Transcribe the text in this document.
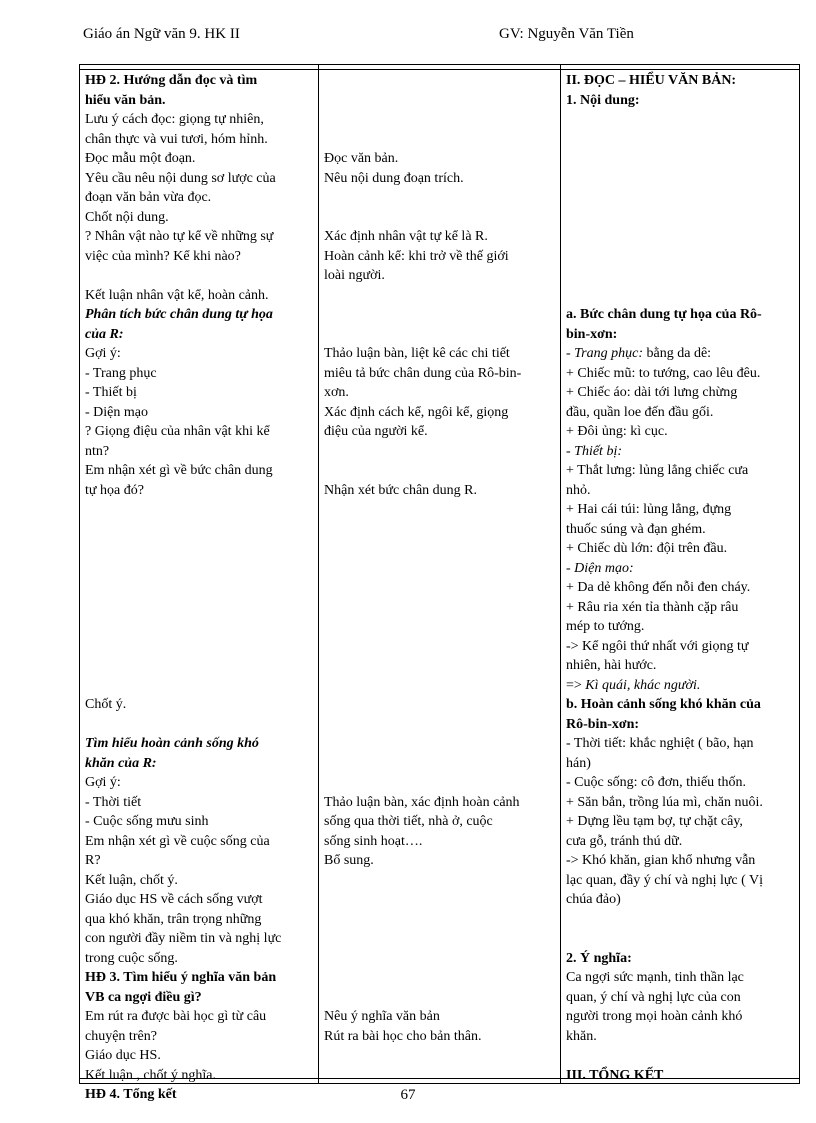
Giáo án Ngữ văn 9. HK II	GV: Nguyễn Văn Tiền
HĐ 2. Hướng dẫn đọc và tìm
hiểu văn bản.
Lưu ý cách đọc: giọng tự nhiên,
chân thực và vui tươi, hóm hỉnh.
Đọc mẫu một đoạn.
Yêu cầu nêu nội dung sơ lược của
đoạn văn bản vừa đọc.
Chốt nội dung.
? Nhân vật nào tự kể về những sự
việc của mình? Kể khi nào?
Kết luận nhân vật kể, hoàn cảnh.
Phân tích bức chân dung tự họa
của R:
Gợi ý:
- Trang phục
- Thiết bị
- Diện mạo
? Giọng điệu của nhân vật khi kể
ntn?
Em nhận xét gì về bức chân dung
tự họa đó?
Chốt ý.
Tìm hiểu hoàn cảnh sống khó
khăn của R:
Gợi ý:
- Thời tiết
- Cuộc sống mưu sinh
Em nhận xét gì về cuộc sống của
R?
Kết luận, chốt ý.
Giáo dục HS về cách sống vượt
qua khó khăn, trân trọng những
con người đầy niềm tin và nghị lực
trong cuộc sống.
HĐ 3. Tìm hiểu ý nghĩa văn bản
VB ca ngợi điều gì?
Em rút ra được bài học gì từ câu
chuyện trên?
Giáo dục HS.
Kết luận , chốt ý nghĩa.
HĐ 4. Tổng kết
Đọc văn bản.
Nêu nội dung đoạn trích.
Xác định nhân vật tự kể là R.
Hoàn cảnh kể: khi trở về thế giới
loài người.
Thảo luận bàn, liệt kê các chi tiết
miêu tả bức chân dung của Rô-bin-
xơn.
Xác định cách kể, ngôi kể, giọng
điệu của người kể.
Nhận xét bức chân dung R.
Thảo luận bàn, xác định hoàn cảnh
sống qua thời tiết, nhà ở, cuộc
sống sinh hoạt….
Bổ sung.
Nêu ý nghĩa văn bản
Rút ra bài học cho bản thân.
II. ĐỌC – HIỂU VĂN BẢN:
1. Nội dung:
a. Bức chân dung tự họa của Rô-
bin-xơn:
- Trang phục: bằng da dê:
+ Chiếc mũ: to tướng, cao lêu đêu.
+ Chiếc áo: dài tới lưng chừng
đầu, quần loe đến đầu gối.
+ Đôi ủng: kì cục.
- Thiết bị:
+ Thắt lưng: lủng lẳng chiếc cưa
nhỏ.
+ Hai cái túi: lủng lẳng, đựng
thuốc súng và đạn ghém.
+ Chiếc dù lớn: đội trên đầu.
- Diện mạo:
+ Da dẻ không đến nỗi đen cháy.
+ Râu ria xén tỉa thành cặp râu
mép to tướng.
-> Kể ngôi thứ nhất với giọng tự
nhiên, hài hước.
=> Kì quái, khác người.
b. Hoàn cảnh sống khó khăn của
Rô-bin-xơn:
- Thời tiết: khắc nghiệt ( bão, hạn
hán)
- Cuộc sống: cô đơn, thiếu thốn.
+ Săn bắn, trồng lúa mì, chăn nuôi.
+ Dựng lều tạm bợ, tự chặt cây,
cưa gỗ, tránh thú dữ.
-> Khó khăn, gian khổ nhưng vẫn
lạc quan, đầy ý chí và nghị lực ( Vị
chúa đảo)
2. Ý nghĩa:
Ca ngợi sức mạnh, tinh thần lạc
quan, ý chí và nghị lực của con
người trong mọi hoàn cảnh khó
khăn.
III. TỔNG KẾT
67
